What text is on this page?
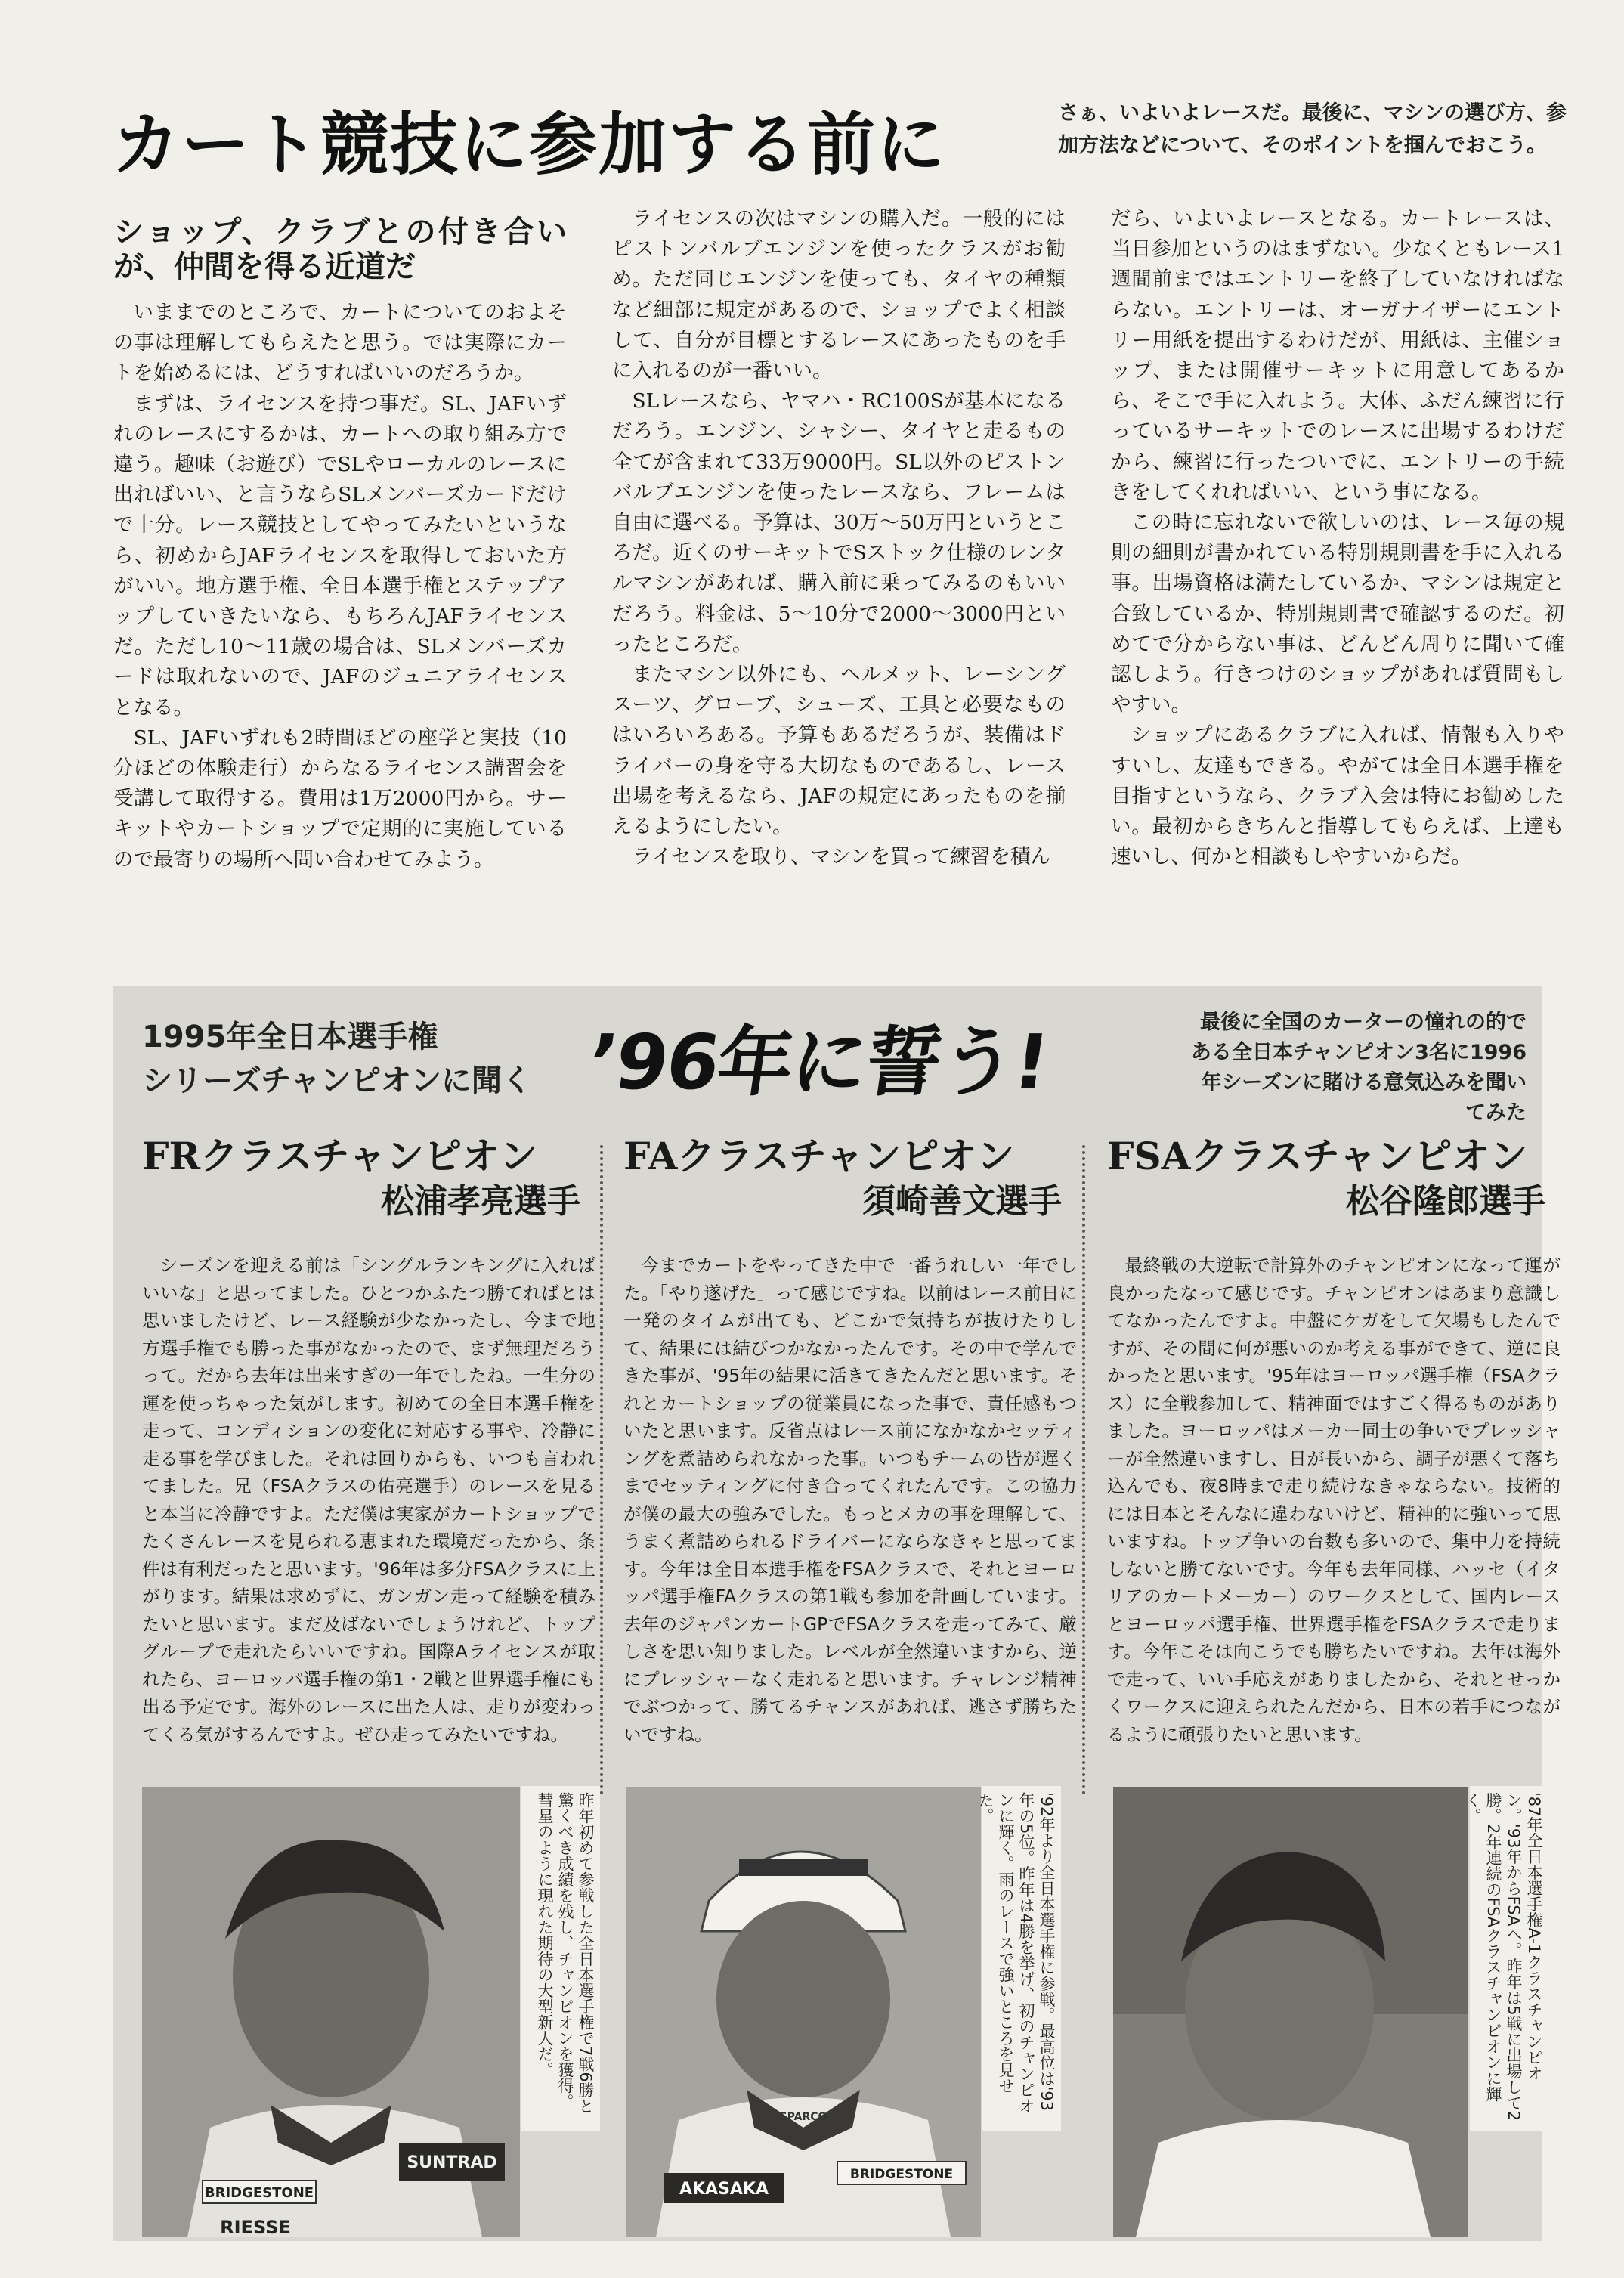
カート競技に参加する前に	さぁ、いよいよレースだ。最後に、マシンの選び方、参加方法などについて、そのポイントを掴んでおこう。

ショップ、クラブとの付き合いが、仲間を得る近道だ

いままでのところで、カートについてのおよその事は理解してもらえたと思う。では実際にカートを始めるには、どうすればいいのだろうか。

まずは、ライセンスを持つ事だ。SL、JAFいずれのレースにするかは、カートへの取り組み方で違う。趣味（お遊び）でSLやローカルのレースに出ればいい、と言うならSLメンバーズカードだけで十分。レース競技としてやってみたいというなら、初めからJAFライセンスを取得しておいた方がいい。地方選手権、全日本選手権とステップアップしていきたいなら、もちろんJAFライセンスだ。ただし10～11歳の場合は、SLメンバーズカードは取れないので、JAFのジュニアライセンスとなる。

SL、JAFいずれも2時間ほどの座学と実技（10分ほどの体験走行）からなるライセンス講習会を受講して取得する。費用は1万2000円から。サーキットやカートショップで定期的に実施しているので最寄りの場所へ問い合わせてみよう。

ライセンスの次はマシンの購入だ。一般的にはピストンバルブエンジンを使ったクラスがお勧め。ただ同じエンジンを使っても、タイヤの種類など細部に規定があるので、ショップでよく相談して、自分が目標とするレースにあったものを手に入れるのが一番いい。

SLレースなら、ヤマハ・RC100Sが基本になるだろう。エンジン、シャシー、タイヤと走るもの全てが含まれて33万9000円。SL以外のピストンバルブエンジンを使ったレースなら、フレームは自由に選べる。予算は、30万～50万円というところだ。近くのサーキットでSストック仕様のレンタルマシンがあれば、購入前に乗ってみるのもいいだろう。料金は、5～10分で2000～3000円といったところだ。

またマシン以外にも、ヘルメット、レーシングスーツ、グローブ、シューズ、工具と必要なものはいろいろある。予算もあるだろうが、装備はドライバーの身を守る大切なものであるし、レース出場を考えるなら、JAFの規定にあったものを揃えるようにしたい。

ライセンスを取り、マシンを買って練習を積ん

だら、いよいよレースとなる。カートレースは、当日参加というのはまずない。少なくともレース1週間前まではエントリーを終了していなければならない。エントリーは、オーガナイザーにエントリー用紙を提出するわけだが、用紙は、主催ショップ、または開催サーキットに用意してあるから、そこで手に入れよう。大体、ふだん練習に行っているサーキットでのレースに出場するわけだから、練習に行ったついでに、エントリーの手続きをしてくれればいい、という事になる。

この時に忘れないで欲しいのは、レース毎の規則の細則が書かれている特別規則書を手に入れる事。出場資格は満たしているか、マシンは規定と合致しているか、特別規則書で確認するのだ。初めてで分からない事は、どんどん周りに聞いて確認しよう。行きつけのショップがあれば質問もしやすい。

ショップにあるクラブに入れば、情報も入りやすいし、友達もできる。やがては全日本選手権を目指すというなら、クラブ入会は特にお勧めしたい。最初からきちんと指導してもらえば、上達も速いし、何かと相談もしやすいからだ。

1995年全日本選手権
シリーズチャンピオンに聞く ’96年に誓う!	最後に全国のカーターの憧れの的である全日本チャンピオン3名に1996年シーズンに賭ける意気込みを聞いてみた
FRクラスチャンピオン
松浦孝亮選手

シーズンを迎える前は「シングルランキングに入ればいいな」と思ってました。ひとつかふたつ勝てればとは思いましたけど、レース経験が少なかったし、今まで地方選手権でも勝った事がなかったので、まず無理だろうって。だから去年は出来すぎの一年でしたね。一生分の運を使っちゃった気がします。初めての全日本選手権を走って、コンディションの変化に対応する事や、冷静に走る事を学びました。それは回りからも、いつも言われてました。兄（FSAクラスの佑亮選手）のレースを見ると本当に冷静ですよ。ただ僕は実家がカートショップでたくさんレースを見られる恵まれた環境だったから、条件は有利だったと思います。'96年は多分FSAクラスに上がります。結果は求めずに、ガンガン走って経験を積みたいと思います。まだ及ばないでしょうけれど、トップグループで走れたらいいですね。国際Aライセンスが取れたら、ヨーロッパ選手権の第1・2戦と世界選手権にも出る予定です。海外のレースに出た人は、走りが変わってくる気がするんですよ。ぜひ走ってみたいですね。

FAクラスチャンピオン
須崎善文選手

今までカートをやってきた中で一番うれしい一年でした。「やり遂げた」って感じですね。以前はレース前日に一発のタイムが出ても、どこかで気持ちが抜けたりして、結果には結びつかなかったんです。その中で学んできた事が、'95年の結果に活きてきたんだと思います。それとカートショップの従業員になった事で、責任感もついたと思います。反省点はレース前になかなかセッティングを煮詰められなかった事。いつもチームの皆が遅くまでセッティングに付き合ってくれたんです。この協力が僕の最大の強みでした。もっとメカの事を理解して、うまく煮詰められるドライバーにならなきゃと思ってます。今年は全日本選手権をFSAクラスで、それとヨーロッパ選手権FAクラスの第1戦も参加を計画しています。去年のジャパンカートGPでFSAクラスを走ってみて、厳しさを思い知りました。レベルが全然違いますから、逆にプレッシャーなく走れると思います。チャレンジ精神でぶつかって、勝てるチャンスがあれば、逃さず勝ちたいですね。

FSAクラスチャンピオン
松谷隆郎選手

最終戦の大逆転で計算外のチャンピオンになって運が良かったなって感じです。チャンピオンはあまり意識してなかったんですよ。中盤にケガをして欠場もしたんですが、その間に何が悪いのか考える事ができて、逆に良かったと思います。'95年はヨーロッパ選手権（FSAクラス）に全戦参加して、精神面ではすごく得るものがありました。ヨーロッパはメーカー同士の争いでプレッシャーが全然違いますし、日が長いから、調子が悪くて落ち込んでも、夜8時まで走り続けなきゃならない。技術的には日本とそんなに違わないけど、精神的に強いって思いますね。トップ争いの台数も多いので、集中力を持続しないと勝てないです。今年も去年同様、ハッセ（イタリアのカートメーカー）のワークスとして、国内レースとヨーロッパ選手権、世界選手権をFSAクラスで走ります。今年こそは向こうでも勝ちたいですね。去年は海外で走って、いい手応えがありましたから、それとせっかくワークスに迎えられたんだから、日本の若手につながるように頑張りたいと思います。

BRIDGESTONE
SUNTRAD
RIESSE
昨年初めて参戦した全日本選手権で7戦6勝と驚くべき成績を残し、チャンピオンを獲得。彗星のように現れた期待の大型新人だ。
AKASAKA
BRIDGESTONE
SPARCO
'92年より全日本選手権に参戦。最高位は'93年の5位。昨年は4勝を挙げ、初のチャンピオンに輝く。雨のレースで強いところを見せた。	'87年全日本選手権A-1クラスチャンピオン。'93年からFSAへ。昨年は5戦に出場して2勝。2年連続のFSAクラスチャンピオンに輝く。
